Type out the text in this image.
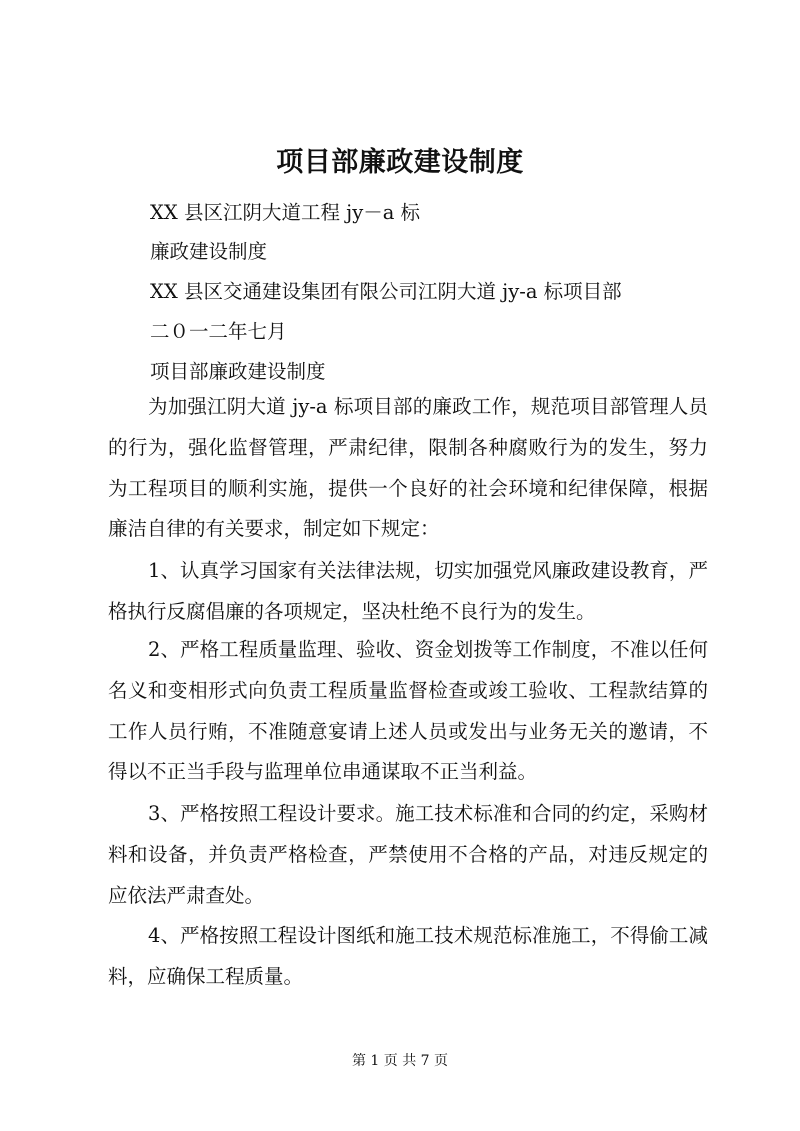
项目部廉政建设制度
XX 县区江阴大道工程 jy－a 标
廉政建设制度
XX 县区交通建设集团有限公司江阴大道 jy-a 标项目部
二０一二年七月
项目部廉政建设制度
为加强江阴大道 jy-a 标项目部的廉政工作，规范项目部管理人员的行为，强化监督管理，严肃纪律，限制各种腐败行为的发生，努力为工程项目的顺利实施，提供一个良好的社会环境和纪律保障，根据廉洁自律的有关要求，制定如下规定：
1、认真学习国家有关法律法规，切实加强党风廉政建设教育，严格执行反腐倡廉的各项规定，坚决杜绝不良行为的发生。
2、严格工程质量监理、验收、资金划拨等工作制度，不准以任何名义和变相形式向负责工程质量监督检查或竣工验收、工程款结算的工作人员行贿，不准随意宴请上述人员或发出与业务无关的邀请，不得以不正当手段与监理单位串通谋取不正当利益。
3、严格按照工程设计要求。施工技术标准和合同的约定，采购材料和设备，并负责严格检查，严禁使用不合格的产品，对违反规定的应依法严肃查处。
4、严格按照工程设计图纸和施工技术规范标准施工，不得偷工减料，应确保工程质量。
第 1 页 共 7 页
